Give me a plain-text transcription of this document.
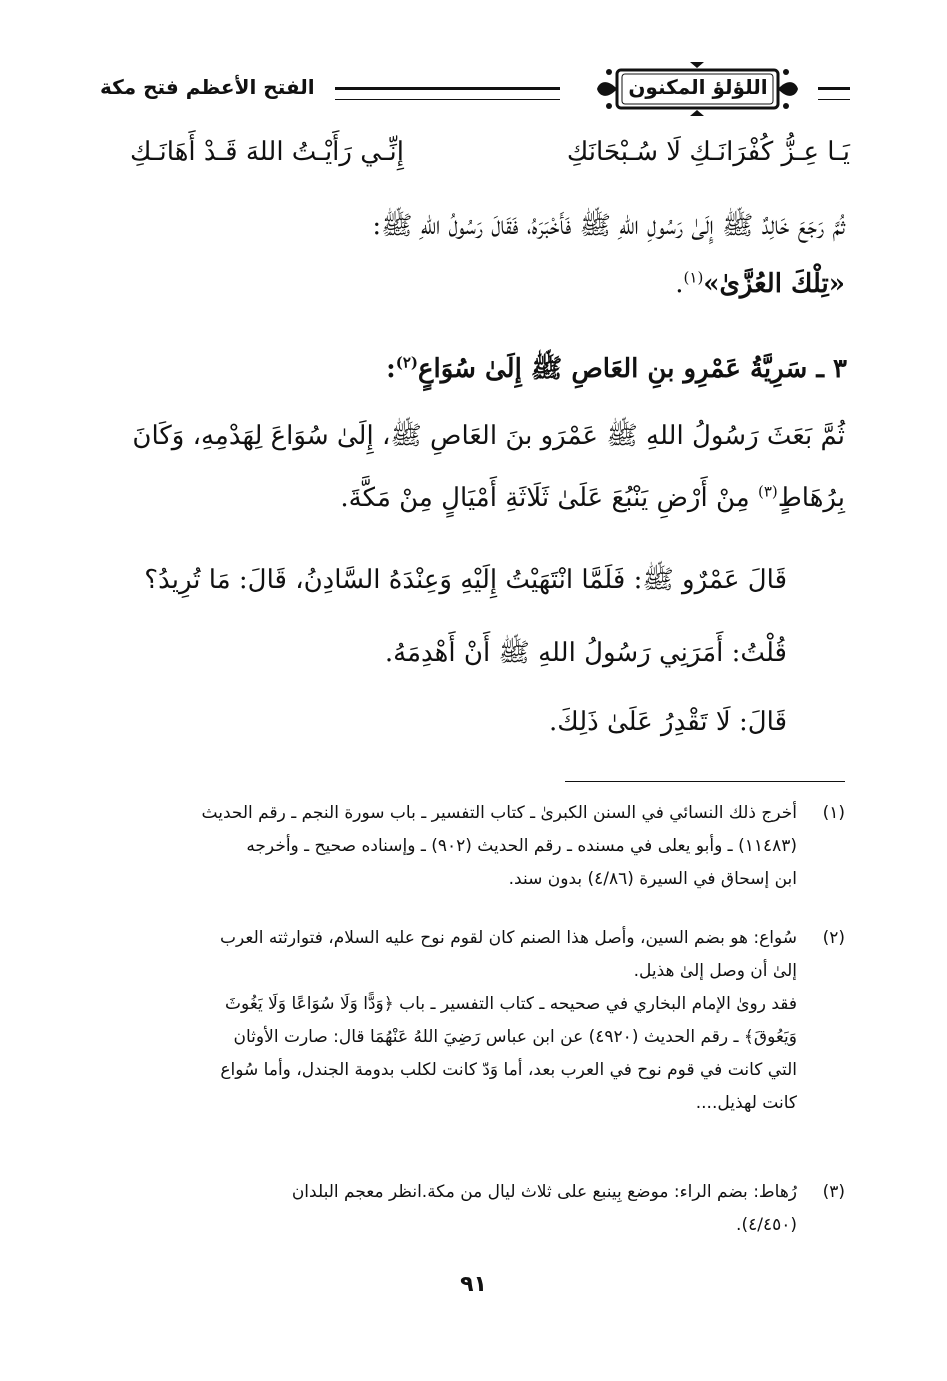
اللؤلؤ المكنون
الفتح الأعظم فتح مكة
يَـا عِـزُّ كُفْرَانَـكِ لَا سُـبْحَانَكِ
إِنِّـي رَأَيْـتُ اللهَ قَـدْ أَهَانَـكِ
ثُمَّ رَجَعَ خَالِدٌ ﷺ إِلَىٰ رَسُولِ اللهِ ﷺ فَأَخْبَرَهُ، فَقَالَ رَسُولُ اللهِ ﷺ:
«تِلْكَ العُزَّىٰ»$^{(١)}$.
٣ ـ سَرِيَّةُ عَمْرِو بنِ العَاصِ ﷺ إِلَىٰ سُوَاعٍ$^{(٢)}$:
ثُمَّ بَعَثَ رَسُولُ اللهِ ﷺ عَمْرَو بنَ العَاصِ ﷺ، إِلَىٰ سُوَاعَ لِهَدْمِهِ، وَكَانَ
بِرُهَاطٍ$^{(٣)}$ مِنْ أَرْضِ يَنْبُعَ عَلَىٰ ثَلَاثَةِ أَمْيَالٍ مِنْ مَكَّةَ.
قَالَ عَمْرٌو ﷺ: فَلَمَّا انْتَهَيْتُ إِلَيْهِ وَعِنْدَهُ السَّادِنُ، قَالَ: مَا تُرِيدُ؟
قُلْتُ: أَمَرَنِي رَسُولُ اللهِ ﷺ أَنْ أَهْدِمَهُ.
قَالَ: لَا تَقْدِرُ عَلَىٰ ذَلِكَ.
(١)
أخرج ذلك النسائي في السنن الكبرىٰ ـ كتاب التفسير ـ باب سورة النجم ـ رقم الحديث
(١١٤٨٣) ـ وأبو يعلى في مسنده ـ رقم الحديث (٩٠٢) ـ وإسناده صحيح ـ وأخرجه
ابن إسحاق في السيرة (٤/٨٦) بدون سند.
(٢)
سُواع: هو بضم السين، وأصل هذا الصنم كان لقوم نوح عليه السلام، فتوارثته العرب
إلىٰ أن وصل إلىٰ هذيل.
فقد روىٰ الإمام البخاري في صحيحه ـ كتاب التفسير ـ باب ﴿وَدًّا وَلَا سُوَاعًا وَلَا يَغُوثَ
وَيَعُوقَ﴾ ـ رقم الحديث (٤٩٢٠) عن ابن عباس رَضِيَ اللهُ عَنْهُمَا قال: صارت الأوثان
التي كانت في قوم نوح في العرب بعد، أما وَدّ كانت لكلب بدومة الجندل، وأما سُواع
كانت لهذيل....
(٣)
رُهاط: بضم الراء: موضع بِينبع على ثلاث ليال من مكة.انظر معجم البلدان
(٤/٤٥٠).
٩١
